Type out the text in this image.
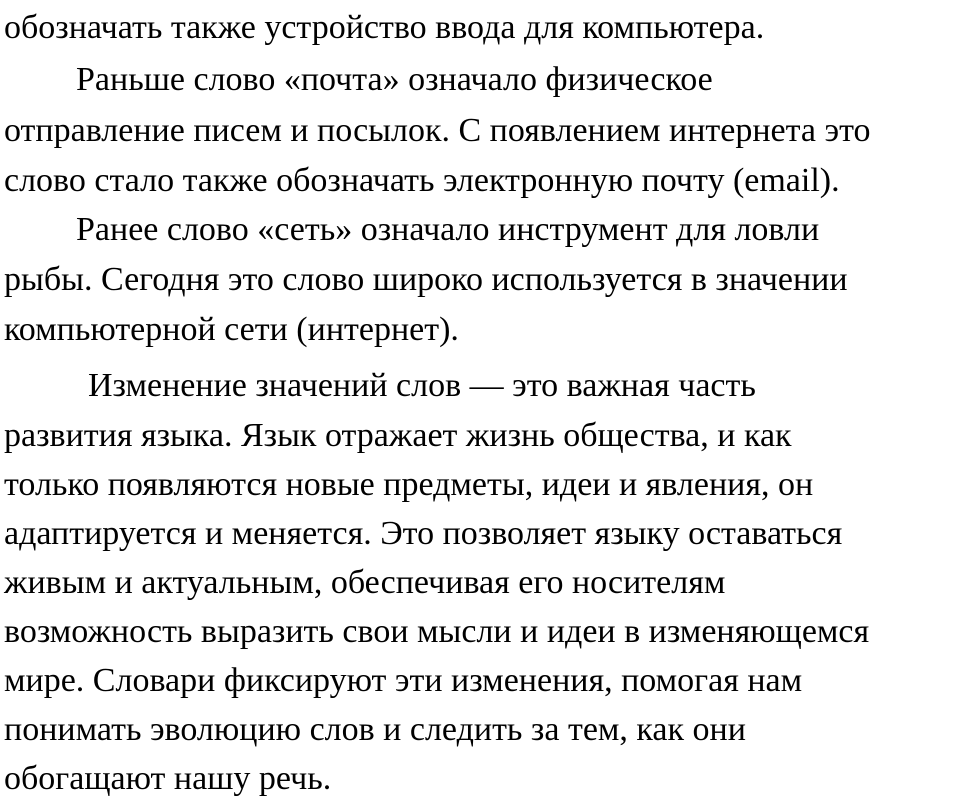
обозначать также устройство ввода для компьютера.
Раньше слово «почта» означало физическое
отправление писем и посылок. С появлением интернета это
слово стало также обозначать электронную почту (email).
Ранее слово «сеть» означало инструмент для ловли
рыбы. Сегодня это слово широко используется в значении
компьютерной сети (интернет).
Изменение значений слов — это важная часть
развития языка. Язык отражает жизнь общества, и как
только появляются новые предметы, идеи и явления, он
адаптируется и меняется. Это позволяет языку оставаться
живым и актуальным, обеспечивая его носителям
возможность выразить свои мысли и идеи в изменяющемся
мире. Словари фиксируют эти изменения, помогая нам
понимать эволюцию слов и следить за тем, как они
обогащают нашу речь.
